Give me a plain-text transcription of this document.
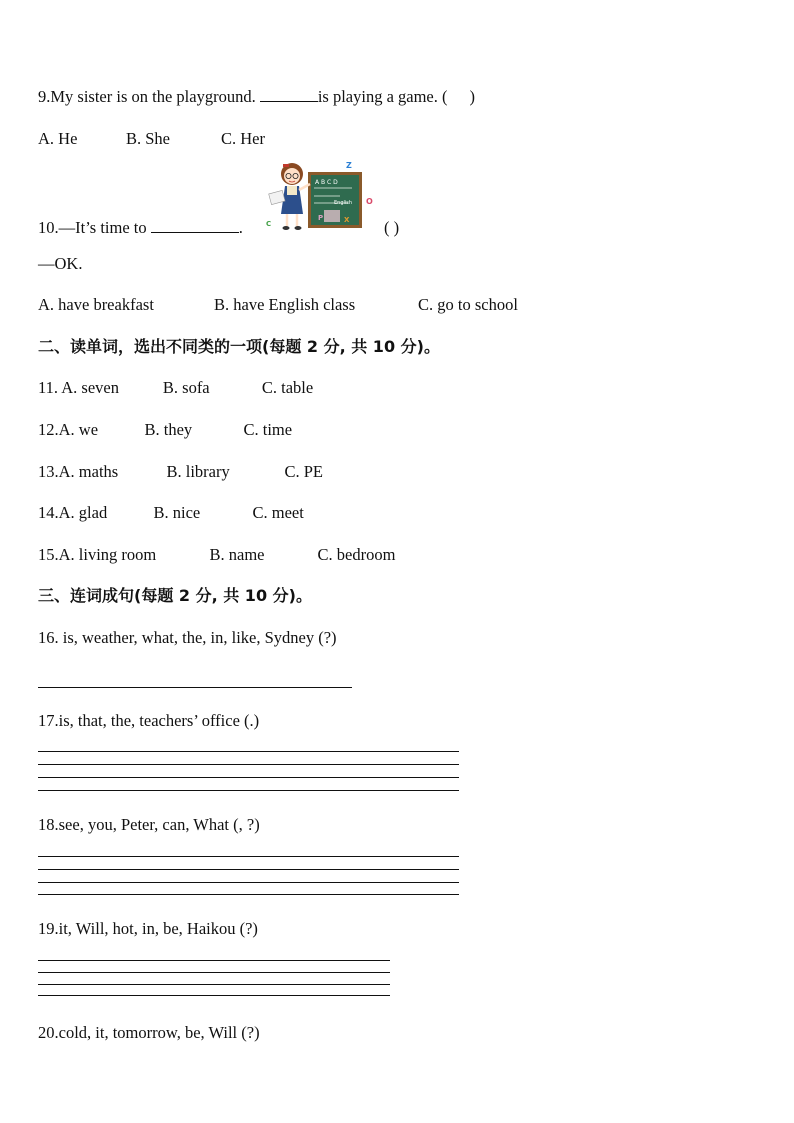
9.My sister is on the playground.	is playing a game. ( )
A. He	B. She	C. Her
10.—It’s time to	.	( )
—OK.
A B C D
English
Z
O
P	X
C
A. have breakfast	B. have English class	C. go to school
二、读单词，选出不同类的一项(每题 2 分, 共 10 分)。
11. A. seven	B. sofa	C. table
12.A. we	B. they	C. time
13.A. maths	B. library	C. PE
14.A. glad	B. nice	C. meet
15.A. living room	B. name	C. bedroom
三、连词成句(每题 2 分, 共 10 分)。
16. is, weather, what, the, in, like, Sydney (?)
17.is, that, the, teachers’ office (.)
18.see, you, Peter, can, What (, ?)
19.it, Will, hot, in, be, Haikou (?)
20.cold, it, tomorrow, be, Will (?)
